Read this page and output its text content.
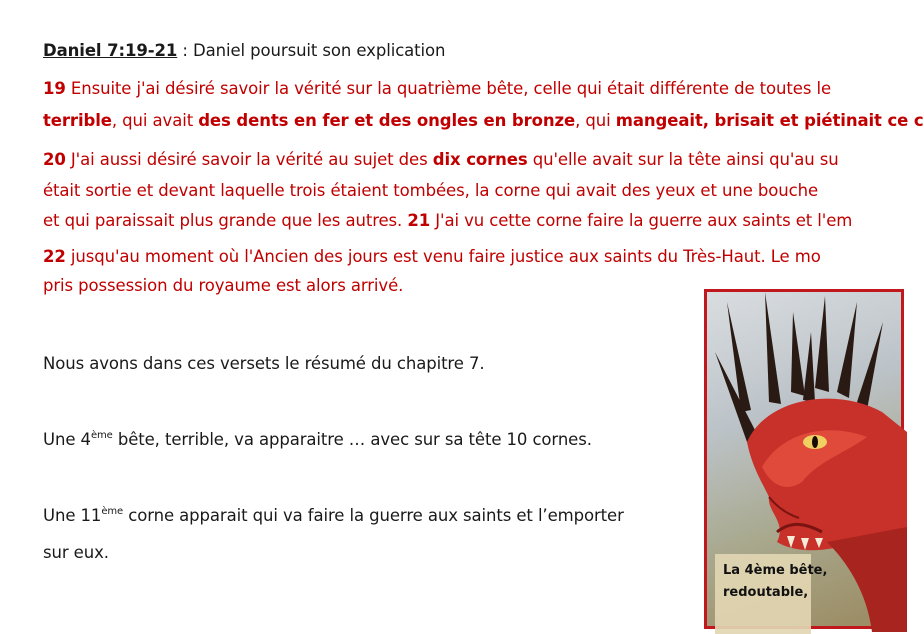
Daniel 7:19-21 : Daniel poursuit son explication
19 Ensuite j'ai désiré savoir la vérité sur la quatrième bête, celle qui était différente de toutes le
terrible, qui avait des dents en fer et des ongles en bronze, qui mangeait, brisait et piétinait ce c
20 J'ai aussi désiré savoir la vérité au sujet des dix cornes qu'elle avait sur la tête ainsi qu'au su
était sortie et devant laquelle trois étaient tombées, la corne qui avait des yeux et une bouche
et qui paraissait plus grande que les autres. 21 J'ai vu cette corne faire la guerre aux saints et l'em
22 jusqu'au moment où l'Ancien des jours est venu faire justice aux saints du Très-Haut. Le mo
pris possession du royaume est alors arrivé.
Nous avons dans ces versets le résumé du chapitre 7.
Une 4ème bête, terrible, va apparaitre … avec sur sa tête 10 cornes.
Une 11ème corne apparait qui va faire la guerre aux saints et l’emporter
sur eux.
La 4ème bête,
redoutable,
